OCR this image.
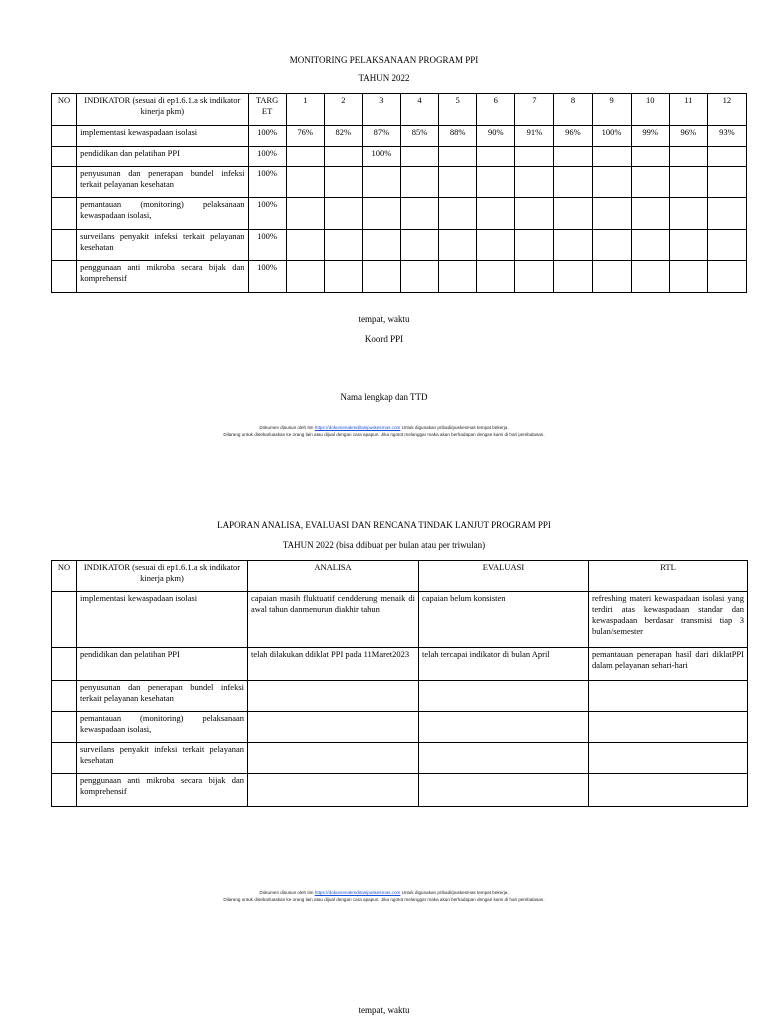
MONITORING PELAKSANAAN PROGRAM PPI
TAHUN 2022
NO	INDIKATOR (sesuai di ep1.6.1.a sk indikator kinerja pkm)	TARG ET	1	2	3	4	5	6	7	8	9	10	11	12
	implementasi kewaspadaan isolasi	100%	76%	82%	87%	85%	88%	90%	91%	96%	100%	99%	96%	93%
	pendidikan dan pelatihan PPI	100%			100%									
	penyusunan dan penerapan bundel infeksi terkait pelayanan kesehatan	100%												
	pemantauan (monitoring) pelaksanaan kewaspadaan isolasi,	100%												
	surveilans penyakit infeksi terkait pelayanan kesehatan	100%												
	penggunaan anti mikroba secara bijak dan komprehensif	100%												
tempat, waktu
Koord PPI
Nama lengkap dan TTD
Dokumen disusun oleh tim https://dokumenakreditasipuskesmas.com Untuk digunakan pribadi/puskesmas tempat bekerja.
Dilarang untuk disebarluaskan ke orang lain atau dijual dengan cara apapun. Jika ngotot melanggar maka akan berhadapan dengan kami di hari pembalasan.
LAPORAN ANALISA, EVALUASI DAN RENCANA TINDAK LANJUT PROGRAM PPI
TAHUN 2022 (bisa ddibuat per bulan atau per triwulan)
NO	INDIKATOR (sesuai di ep1.6.1.a sk indikator kinerja pkm)	ANALISA	EVALUASI	RTL
	implementasi kewaspadaan isolasi	capaian masih fluktuatif cendderung menaik di awal tahun danmenurun diakhir tahun	capaian belum konsisten	refreshing materi kewaspadaan isolasi yang terdiri atas kewaspadaan standar dan kewaspadaan berdasar transmisi tiap 3 bulan/semester
	pendidikan dan pelatihan PPI	telah dilakukan ddiklat PPI pada 11Maret2023	telah tercapai indikator di bulan April	pemantauan penerapan hasil dari diklatPPI dalam pelayanan sehari-hari
	penyusunan dan penerapan bundel infeksi terkait pelayanan kesehatan			
	pemantauan (monitoring) pelaksanaan kewaspadaan isolasi,			
	surveilans penyakit infeksi terkait pelayanan kesehatan			
	penggunaan anti mikroba secara bijak dan komprehensif			
Dokumen disusun oleh tim https://dokumenakreditasipuskesmas.com Untuk digunakan pribadi/puskesmas tempat bekerja.
Dilarang untuk disebarluaskan ke orang lain atau dijual dengan cara apapun. Jika ngotot melanggar maka akan berhadapan dengan kami di hari pembalasan.
tempat, waktu
